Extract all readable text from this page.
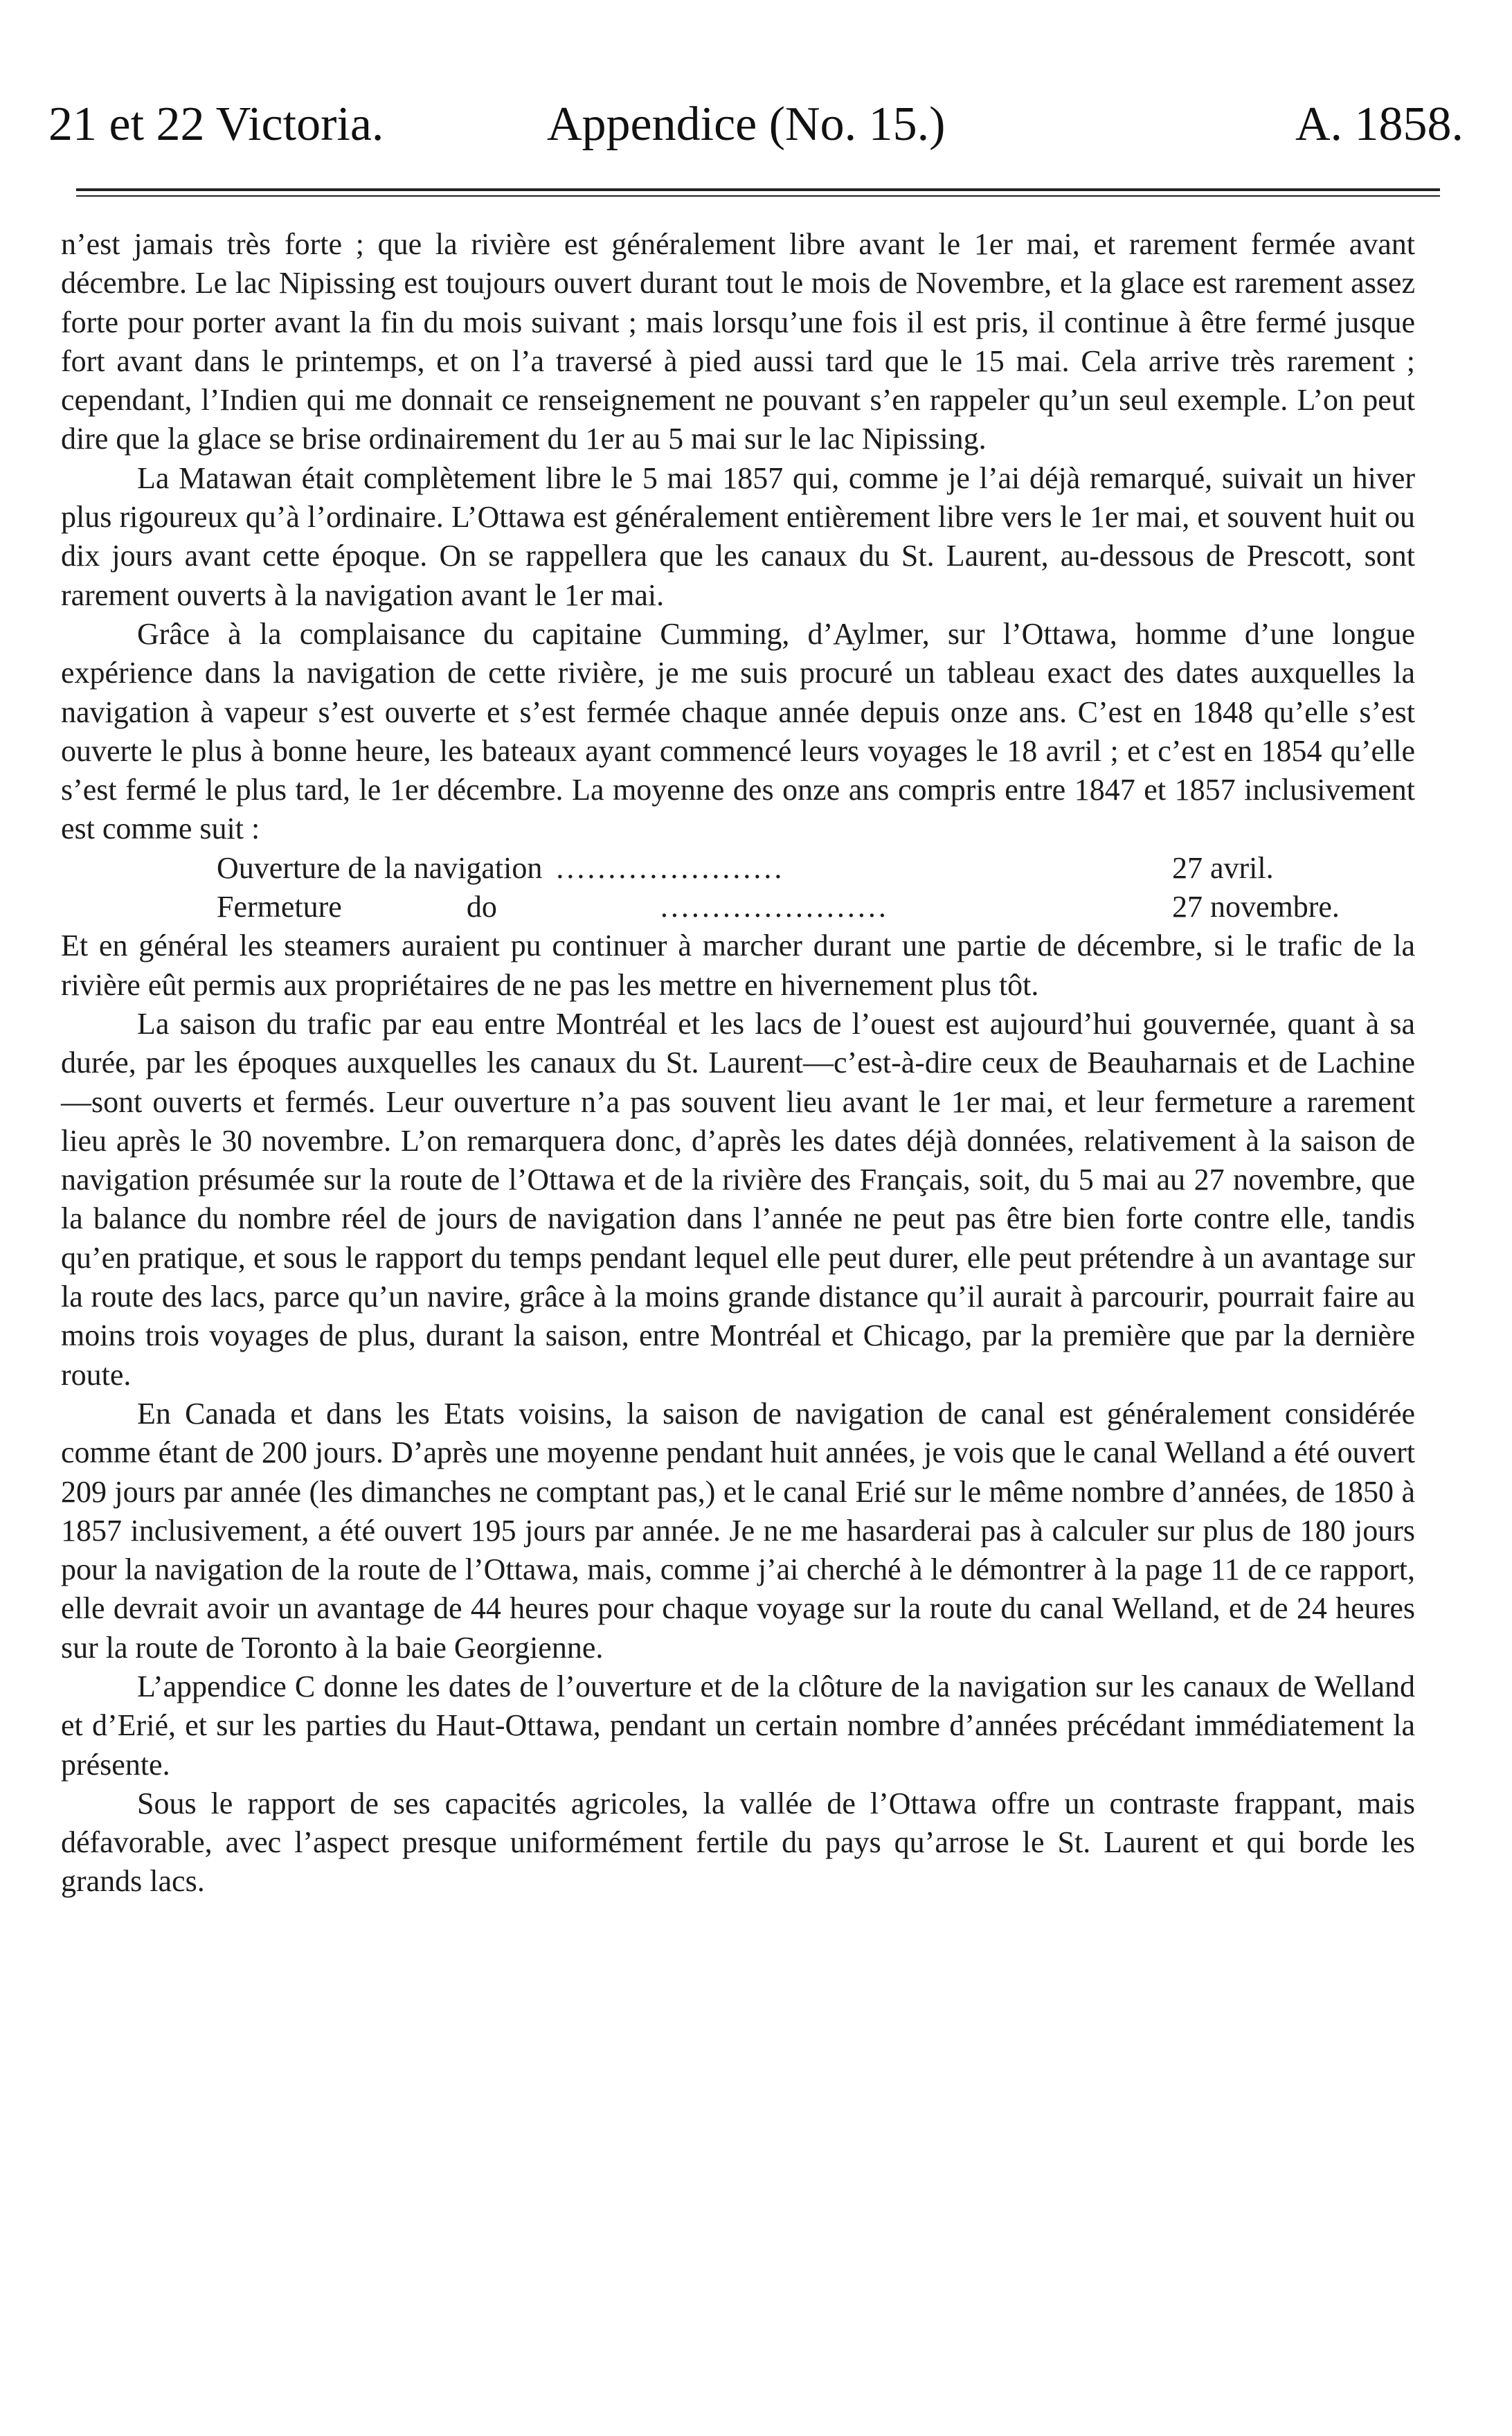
21 et 22 Victoria.	Appendice (No. 15.)	A. 1858.

n’est jamais très forte ; que la rivière est généralement libre avant le 1er mai, et rarement fermée avant décembre. Le lac Nipissing est toujours ouvert durant tout le mois de Novembre, et la glace est rarement assez forte pour porter avant la fin du mois suivant ; mais lorsqu’une fois il est pris, il continue à être fermé jusque fort avant dans le printemps, et on l’a traversé à pied aussi tard que le 15 mai. Cela arrive très rarement ; cependant, l’Indien qui me donnait ce renseignement ne pouvant s’en rappeler qu’un seul exemple. L’on peut dire que la glace se brise ordinairement du 1er au 5 mai sur le lac Nipissing.

La Matawan était complètement libre le 5 mai 1857 qui, comme je l’ai déjà remarqué, suivait un hiver plus rigoureux qu’à l’ordinaire. L’Ottawa est généralement entièrement libre vers le 1er mai, et souvent huit ou dix jours avant cette époque. On se rappellera que les canaux du St. Laurent, au-dessous de Prescott, sont rarement ouverts à la navigation avant le 1er mai.

Grâce à la complaisance du capitaine Cumming, d’Aylmer, sur l’Ottawa, homme d’une longue expérience dans la navigation de cette rivière, je me suis procuré un tableau exact des dates auxquelles la navigation à vapeur s’est ouverte et s’est fermée chaque année depuis onze ans. C’est en 1848 qu’elle s’est ouverte le plus à bonne heure, les bateaux ayant commencé leurs voyages le 18 avril ; et c’est en 1854 qu’elle s’est fermé le plus tard, le 1er décembre. La moyenne des onze ans compris entre 1847 et 1857 inclusivement est comme suit :

Ouverture de la navigation ......................	27 avril.
Fermeture	do	......................	27 novembre.

Et en général les steamers auraient pu continuer à marcher durant une partie de décembre, si le trafic de la rivière eût permis aux propriétaires de ne pas les mettre en hivernement plus tôt.

La saison du trafic par eau entre Montréal et les lacs de l’ouest est aujourd’hui gouvernée, quant à sa durée, par les époques auxquelles les canaux du St. Laurent—c’est-à-dire ceux de Beauharnais et de Lachine—sont ouverts et fermés. Leur ouverture n’a pas souvent lieu avant le 1er mai, et leur fermeture a rarement lieu après le 30 novembre. L’on remarquera donc, d’après les dates déjà données, relativement à la saison de navigation présumée sur la route de l’Ottawa et de la rivière des Français, soit, du 5 mai au 27 novembre, que la balance du nombre réel de jours de navigation dans l’année ne peut pas être bien forte contre elle, tandis qu’en pratique, et sous le rapport du temps pendant lequel elle peut durer, elle peut prétendre à un avantage sur la route des lacs, parce qu’un navire, grâce à la moins grande distance qu’il aurait à parcourir, pourrait faire au moins trois voyages de plus, durant la saison, entre Montréal et Chicago, par la première que par la dernière route.

En Canada et dans les Etats voisins, la saison de navigation de canal est généralement considérée comme étant de 200 jours. D’après une moyenne pendant huit années, je vois que le canal Welland a été ouvert 209 jours par année (les dimanches ne comptant pas,) et le canal Erié sur le même nombre d’années, de 1850 à 1857 inclusivement, a été ouvert 195 jours par année. Je ne me hasarderai pas à calculer sur plus de 180 jours pour la navigation de la route de l’Ottawa, mais, comme j’ai cherché à le démontrer à la page 11 de ce rapport, elle devrait avoir un avantage de 44 heures pour chaque voyage sur la route du canal Welland, et de 24 heures sur la route de Toronto à la baie Georgienne.

L’appendice C donne les dates de l’ouverture et de la clôture de la navigation sur les canaux de Welland et d’Erié, et sur les parties du Haut-Ottawa, pendant un certain nombre d’années précédant immédiatement la présente.

Sous le rapport de ses capacités agricoles, la vallée de l’Ottawa offre un contraste frappant, mais défavorable, avec l’aspect presque uniformément fertile du pays qu’arrose le St. Laurent et qui borde les grands lacs.
